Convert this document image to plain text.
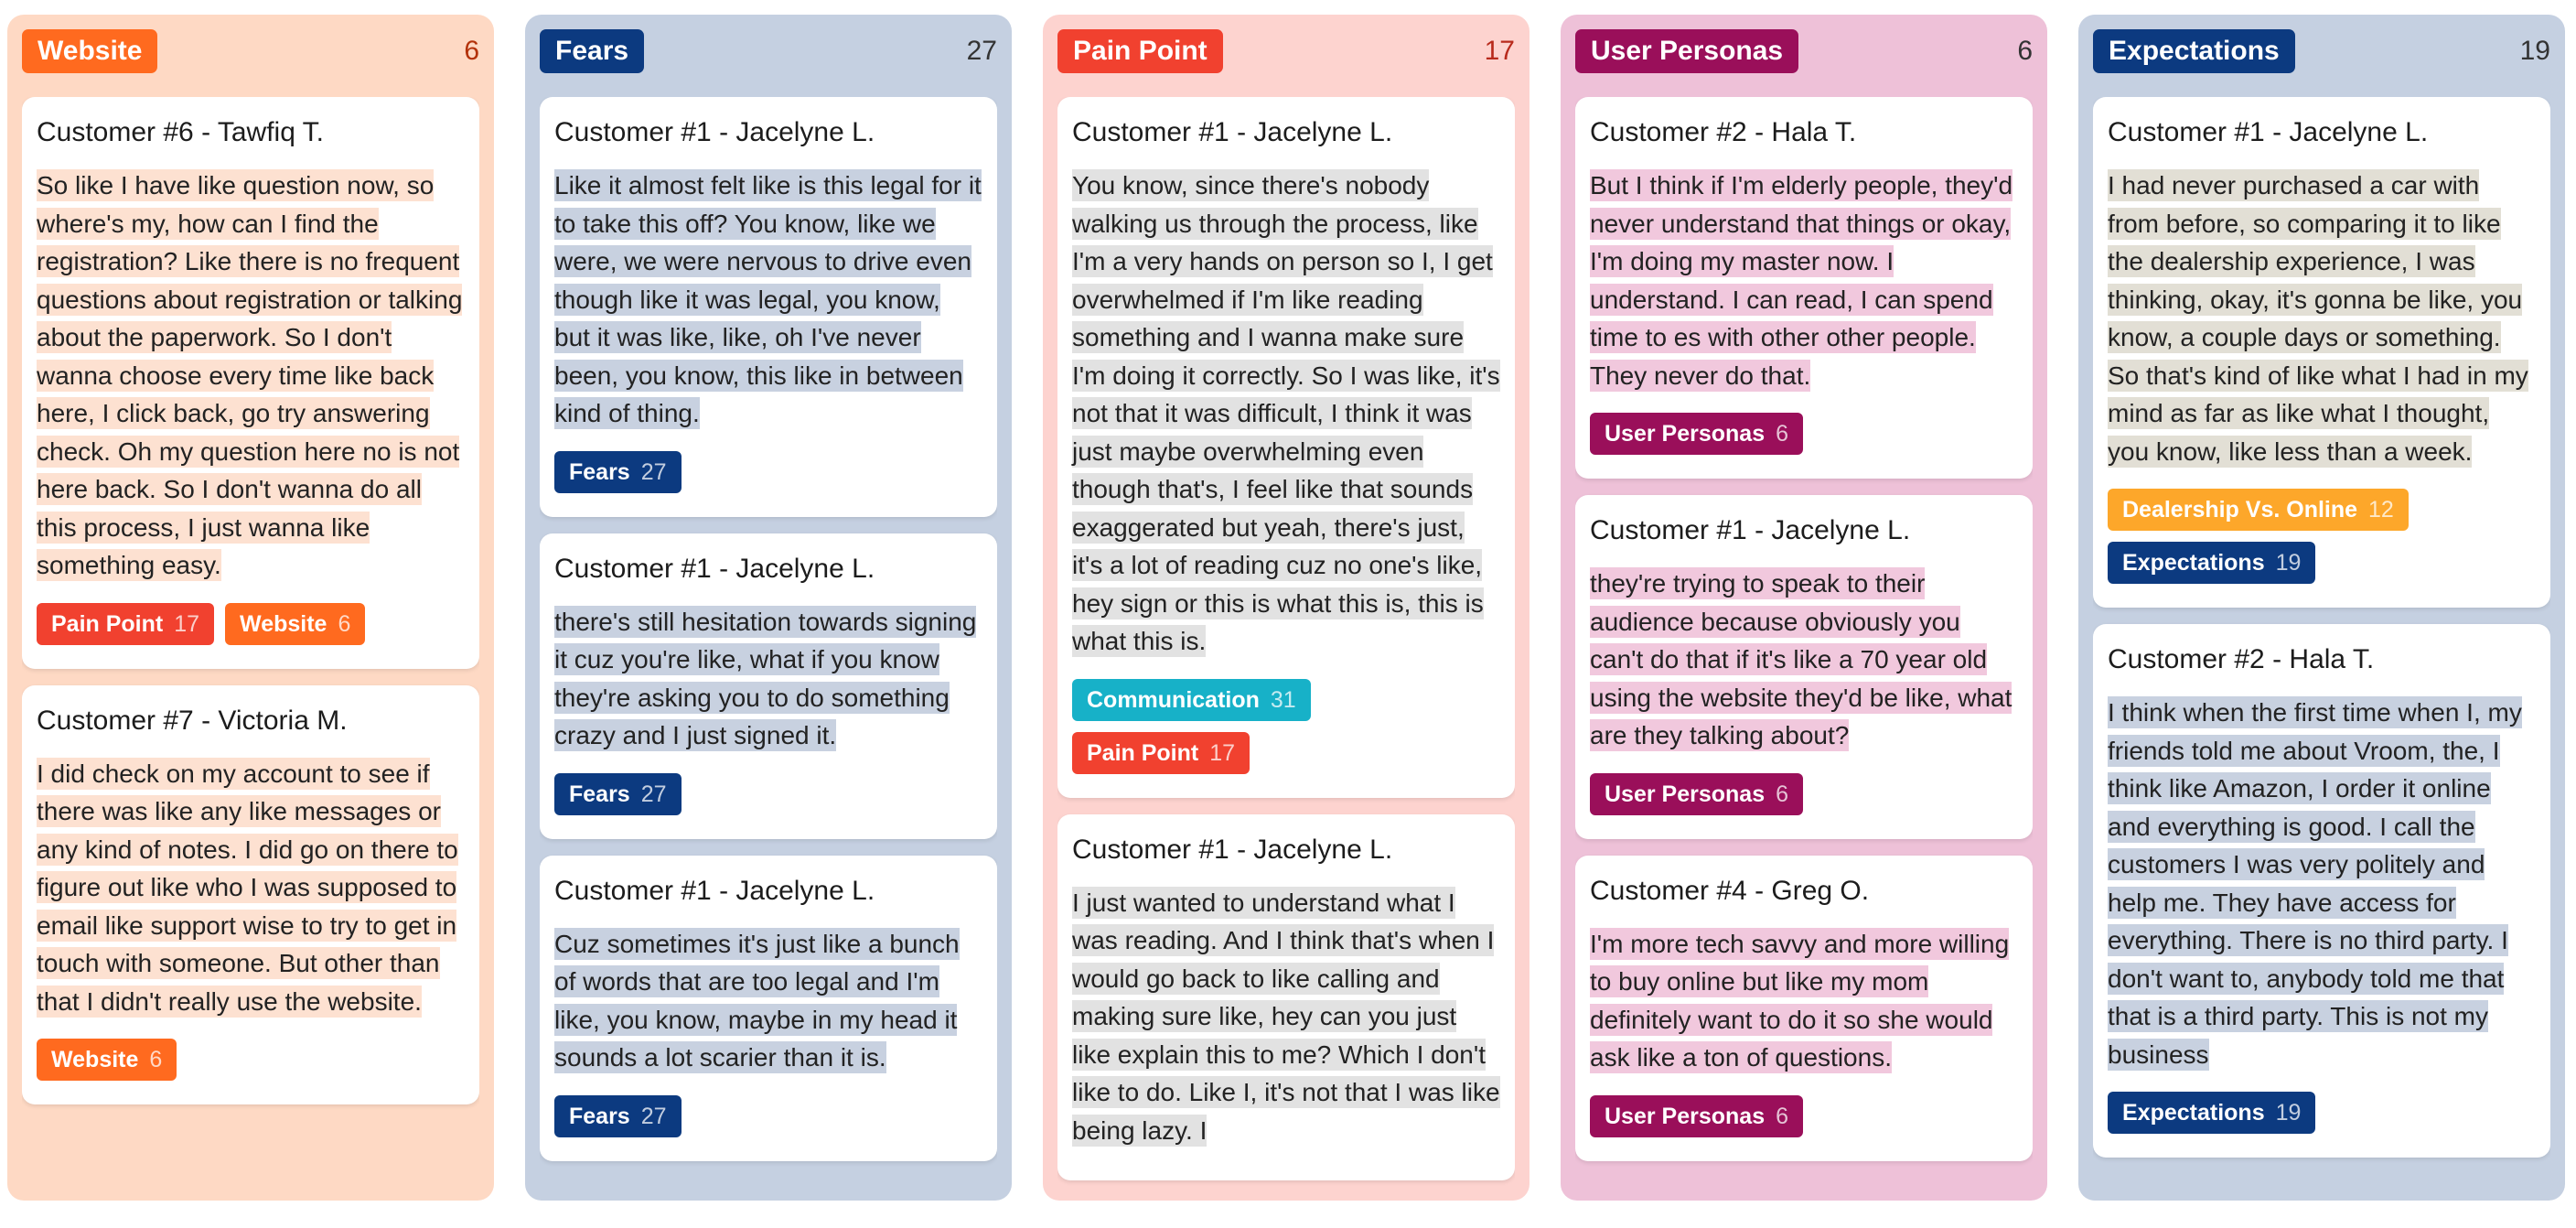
Website	6
Customer #6 - Tawfiq T.
So like I have like question now, so where's my, how can I find the registration? Like there is no frequent questions about registration or talking about the paperwork. So I don't wanna choose every time like back here, I click back, go try answering check. Oh my question here no is not here back. So I don't wanna do all this process, I just wanna like something easy.
Pain Point 17 Website 6
Customer #7 - Victoria M.
I did check on my account to see if there was like any like messages or any kind of notes. I did go on there to figure out like who I was supposed to email like support wise to try to get in touch with someone. But other than that I didn't really use the website.
Website 6
Fears	27
Customer #1 - Jacelyne L.
Like it almost felt like is this legal for it to take this off? You know, like we were, we were nervous to drive even though like it was legal, you know, but it was like, like, oh I've never been, you know, this like in between kind of thing.
Fears 27
Customer #1 - Jacelyne L.
there's still hesitation towards signing it cuz you're like, what if you know they're asking you to do something crazy and I just signed it.
Fears 27
Customer #1 - Jacelyne L.
Cuz sometimes it's just like a bunch of words that are too legal and I'm like, you know, maybe in my head it sounds a lot scarier than it is.
Fears 27
Pain Point	17
Customer #1 - Jacelyne L.
You know, since there's nobody walking us through the process, like I'm a very hands on person so I, I get overwhelmed if I'm like reading something and I wanna make sure I'm doing it correctly. So I was like, it's not that it was difficult, I think it was just maybe overwhelming even though that's, I feel like that sounds exaggerated but yeah, there's just, it's a lot of reading cuz no one's like, hey sign or this is what this is, this is what this is.
Communication 31
Pain Point 17
Customer #1 - Jacelyne L.
I just wanted to understand what I was reading. And I think that's when I would go back to like calling and making sure like, hey can you just like explain this to me? Which I don't like to do. Like I, it's not that I was like being lazy. I
User Personas	6
Customer #2 - Hala T.
But I think if I'm elderly people, they'd never understand that things or okay, I'm doing my master now. I understand. I can read, I can spend time to es with other other people. They never do that.
User Personas 6
Customer #1 - Jacelyne L.
they're trying to speak to their audience because obviously you can't do that if it's like a 70 year old using the website they'd be like, what are they talking about?
User Personas 6
Customer #4 - Greg O.
I'm more tech savvy and more willing to buy online but like my mom definitely want to do it so she would ask like a ton of questions.
User Personas 6
Expectations	19
Customer #1 - Jacelyne L.
I had never purchased a car with from before, so comparing it to like the dealership experience, I was thinking, okay, it's gonna be like, you know, a couple days or something. So that's kind of like what I had in my mind as far as like what I thought, you know, like less than a week.
Dealership Vs. Online 12
Expectations 19
Customer #2 - Hala T.
I think when the first time when I, my friends told me about Vroom, the, I think like Amazon, I order it online and everything is good. I call the customers I was very politely and help me. They have access for everything. There is no third party. I don't want to, anybody told me that that is a third party. This is not my business
Expectations 19
